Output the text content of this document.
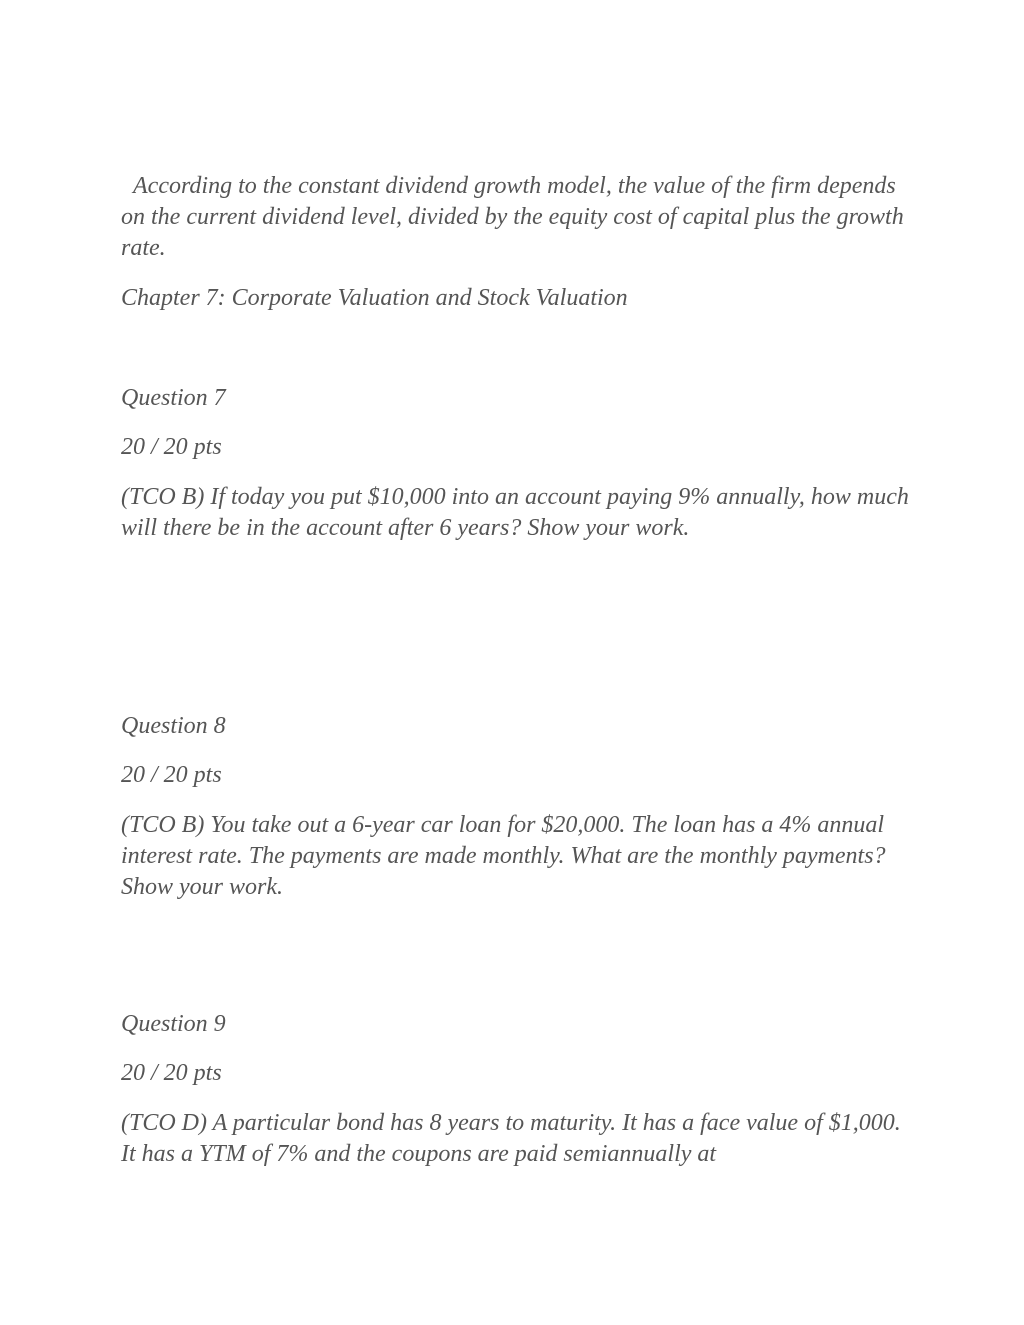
According to the constant dividend growth model, the value of the firm depends on the current dividend level, divided by the equity cost of capital plus the growth rate.

Chapter 7: Corporate Valuation and Stock Valuation

Question 7

20 / 20 pts

(TCO B) If today you put $10,000 into an account paying 9% annually, how much will there be in the account after 6 years? Show your work.

Question 8

20 / 20 pts

(TCO B) You take out a 6-year car loan for $20,000. The loan has a 4% annual interest rate. The payments are made monthly. What are the monthly payments? Show your work.

Question 9

20 / 20 pts

(TCO D) A particular bond has 8 years to maturity. It has a face value of $1,000. It has a YTM of 7% and the coupons are paid semiannually at
